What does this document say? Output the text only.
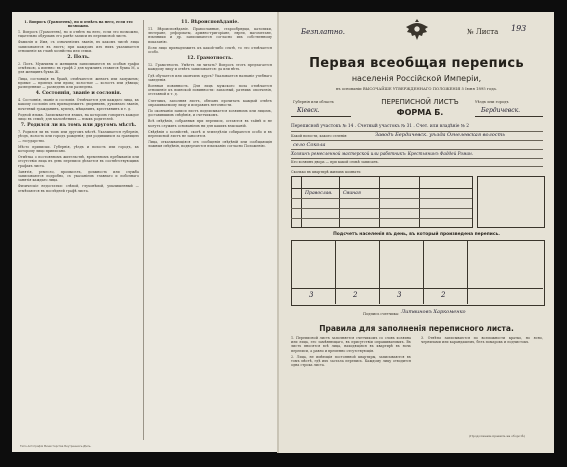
1. Вопросъ (Грамотенъ), но и отвѣтъ на него, если это возможно.

1. Вопросъ (Грамотенъ), но и отвѣтъ на него, если это возможно, тщательно обдумавъ его ранѣе записи въ переписной листъ.

Фамилія и Имя, съ означеніемъ званія, въ какомъ числѣ лица записываются въ листъ; при каждомъ изъ нихъ указывается отношеніе къ главѣ хозяйства или семьи.

2. Полъ.

2. Полъ. Мужчины и женщины записываются въ особыя графы отмѣткою, а именно: въ графѣ 2 для мужчинъ ставится буква М, а для женщинъ буква Ж.

Лица, состоящія въ бракѣ, отмѣчаются: женатъ или замужемъ; вдовые — вдовецъ или вдова; холостые — холостъ или дѣвица; разведенные — разведенъ или разведена.

4. Состоянія, званіе и сословія.

4. Состоянія, званіе и сословія. Отмѣчается для каждаго лица, къ какому сословію онъ принадлежитъ: дворянинъ, духовнаго званія, почетный гражданинъ, купецъ, мѣщанинъ, крестьянинъ и т. д.

Родной языкъ. Записывается языкъ, на которомъ говоритъ каждое лицо въ семьѣ; для малолѣтнихъ — языкъ родителей.

7. Родился ли въ томъ или другомъ мѣстѣ.

7. Родился ли въ томъ или другомъ мѣстѣ. Указывается губернія, уѣздъ, волость или городъ рожденія; для родившихся за границею — государство.

Мѣсто приписки. Губернія, уѣздъ и волость или городъ, къ которому лицо приписано.

Отмѣтка о постоянномъ жительствѣ, временномъ пребываніи или отсутствіи лица въ день переписи дѣлается въ соотвѣтствующихъ графахъ листа.

Занятія, ремесло, промыселъ, должность или служба записываются подробно, съ указаніемъ главнаго и побочнаго занятія каждаго лица.

Физическіе недостатки: слѣпой, глухонѣмой, умалишенный — отмѣчаются въ послѣдней графѣ листа.

11. Вѣроисповѣданіе.

11. Вѣроисповѣданіе. Православные, старообрядцы, католики, лютеране, реформаты, армяно-григоріане, евреи, магометане, язычники и др. записываются согласно ихъ собственному показанію.

Если лицо принадлежитъ къ какой-либо сектѣ, то это отмѣчается особо.

12. Грамотность.

12. Грамотность. Умѣетъ ли читать? Вопросъ этотъ предлагается каждому лицу и отвѣтъ записывается: да или нѣтъ.

Гдѣ обучается или окончилъ курсъ? Указывается названіе учебнаго заведенія.

Военная повинность. Для лицъ мужского пола отмѣчается отношеніе къ воинской повинности: запасный, ратникъ ополченія, отставной и т. д.

Счетчикъ, заполняя листъ, обязанъ прочитать каждый отвѣтъ опрашиваемому лицу и исправить неточности.

По окончаніи записи листъ подписывается хозяиномъ или лицомъ, доставившимъ свѣдѣнія, и счетчикомъ.

Всѣ свѣдѣнія, собранныя при переписи, остаются въ тайнѣ и не могутъ служить основаніемъ ни для какихъ взысканій.

Свѣдѣнія о хозяйствѣ, скотѣ и земледѣліи собираются особо и въ переписной листъ не заносятся.

Лица, отказывающіяся отъ сообщенія свѣдѣній или сообщающія ложныя свѣдѣнія, подвергаются взысканію согласно Положенію.

Типо-литографія Министерства Внутреннихъ Дѣлъ.
Безплатно.	№ Листа 193
Первая всеобщая перепись
населенія Россійской Имперіи,
въ основаніи ВЫСОЧАЙШЕ УТВЕРЖДЕННАГО ПОЛОЖЕНІЯ 5 Іюня 1895 года.
Губернія или область
Кіевск.
ПЕРЕПИСНОЙ ЛИСТЪ
ФОРМА Б.
Уѣздъ или городъ
Бердичевск.
Переписной участокъ № 14 . Счетный участокъ № 31 . Счет. или владѣніе № 2
Какой волости, какого селенія:	Заводъ Бердичевск. уѣзда Огнелевская волость
село Сокола
Хозяинъ ремесленной мастерской или работникъ: Крестьянинъ Фаддей Роман.
Кто хозяинъ двора — при какой семьѣ записанъ.
Сколько въ квартирѣ жилыхъ комнатъ:
Православ. Свиная

Подсчетъ населенія въ день, въ который произведена перепись.
3	2	3	2
Подпись счетчика: Литвиновъ Харкоменко
Правила для заполненія переписного листа.

1. Переписной листъ заполняется счетчикомъ со словъ хозяина или лица, его замѣняющаго, въ присутствіи опрашиваемыхъ. Въ листъ вносятся всѣ лица, находящіяся въ квартирѣ въ ночь переписи, а равно и временно отсутствующія.

2. Лица, не имѣющія постоянной квартиры, записываются въ томъ мѣстѣ, гдѣ ихъ застала перепись. Каждому лицу отводится одна строка листа.

3. Отвѣты записываются по возможности кратко, но ясно, чернилами или карандашемъ, безъ помарокъ и подчистокъ.

(Продолженіе правилъ на оборотѣ)
